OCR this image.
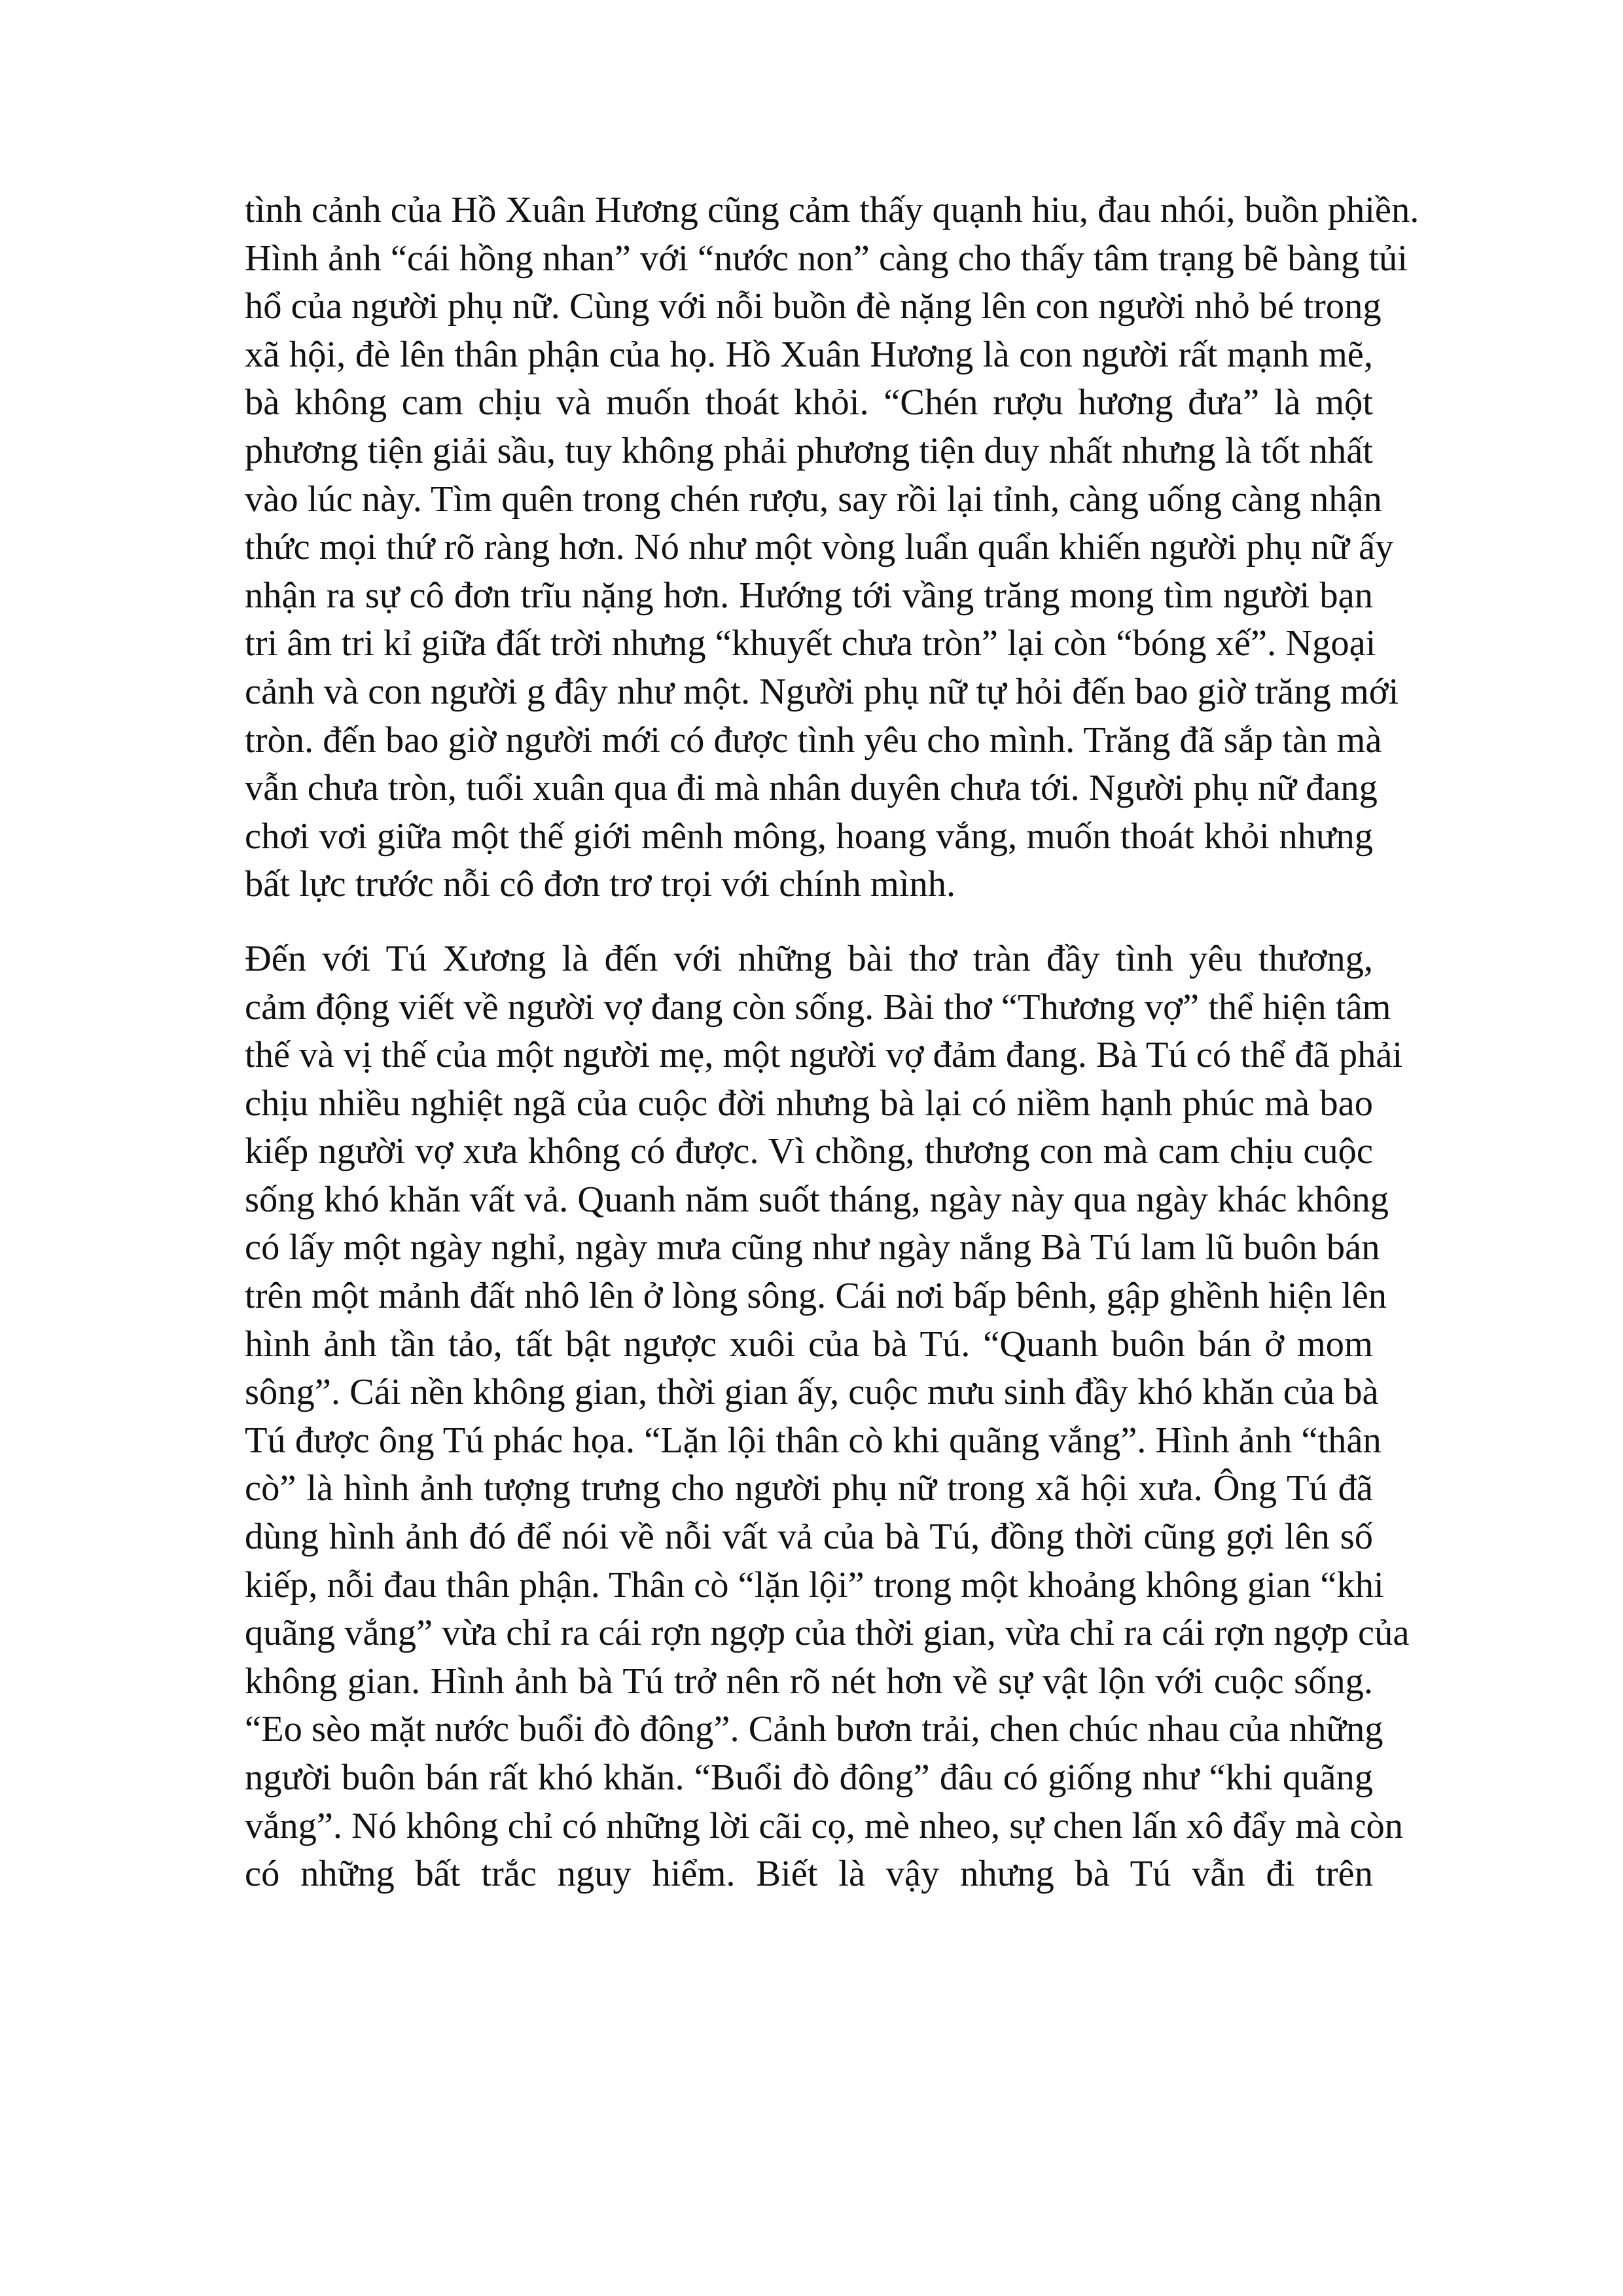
tình cảnh của Hồ Xuân Hương cũng cảm thấy quạnh hiu, đau nhói, buồn phiền.
Hình ảnh “cái hồng nhan” với “nước non” càng cho thấy tâm trạng bẽ bàng tủi
hổ của người phụ nữ. Cùng với nỗi buồn đè nặng lên con người nhỏ bé trong
xã hội, đè lên thân phận của họ. Hồ Xuân Hương là con người rất mạnh mẽ,
bà không cam chịu và muốn thoát khỏi. “Chén rượu hương đưa” là một
phương tiện giải sầu, tuy không phải phương tiện duy nhất nhưng là tốt nhất
vào lúc này. Tìm quên trong chén rượu, say rồi lại tỉnh, càng uống càng nhận
thức mọi thứ rõ ràng hơn. Nó như một vòng luẩn quẩn khiến người phụ nữ ấy
nhận ra sự cô đơn trĩu nặng hơn. Hướng tới vầng trăng mong tìm người bạn
tri âm tri kỉ giữa đất trời nhưng “khuyết chưa tròn” lại còn “bóng xế”. Ngoại
cảnh và con người g đây như một. Người phụ nữ tự hỏi đến bao giờ trăng mới
tròn. đến bao giờ người mới có được tình yêu cho mình. Trăng đã sắp tàn mà
vẫn chưa tròn, tuổi xuân qua đi mà nhân duyên chưa tới. Người phụ nữ đang
chơi vơi giữa một thế giới mênh mông, hoang vắng, muốn thoát khỏi nhưng
bất lực trước nỗi cô đơn trơ trọi với chính mình.
Đến với Tú Xương là đến với những bài thơ tràn đầy tình yêu thương,
cảm động viết về người vợ đang còn sống. Bài thơ “Thương vợ” thể hiện tâm
thế và vị thế của một người mẹ, một người vợ đảm đang. Bà Tú có thể đã phải
chịu nhiều nghiệt ngã của cuộc đời nhưng bà lại có niềm hạnh phúc mà bao
kiếp người vợ xưa không có được. Vì chồng, thương con mà cam chịu cuộc
sống khó khăn vất vả. Quanh năm suốt tháng, ngày này qua ngày khác không
có lấy một ngày nghỉ, ngày mưa cũng như ngày nắng Bà Tú lam lũ buôn bán
trên một mảnh đất nhô lên ở lòng sông. Cái nơi bấp bênh, gập ghềnh hiện lên
hình ảnh tần tảo, tất bật ngược xuôi của bà Tú. “Quanh buôn bán ở mom
sông”. Cái nền không gian, thời gian ấy, cuộc mưu sinh đầy khó khăn của bà
Tú được ông Tú phác họa. “Lặn lội thân cò khi quãng vắng”. Hình ảnh “thân
cò” là hình ảnh tượng trưng cho người phụ nữ trong xã hội xưa. Ông Tú đã
dùng hình ảnh đó để nói về nỗi vất vả của bà Tú, đồng thời cũng gợi lên số
kiếp, nỗi đau thân phận. Thân cò “lặn lội” trong một khoảng không gian “khi
quãng vắng” vừa chỉ ra cái rợn ngợp của thời gian, vừa chỉ ra cái rợn ngợp của
không gian. Hình ảnh bà Tú trở nên rõ nét hơn về sự vật lộn với cuộc sống.
“Eo sèo mặt nước buổi đò đông”. Cảnh bươn trải, chen chúc nhau của những
người buôn bán rất khó khăn. “Buổi đò đông” đâu có giống như “khi quãng
vắng”. Nó không chỉ có những lời cãi cọ, mè nheo, sự chen lấn xô đẩy mà còn
có những bất trắc nguy hiểm. Biết là vậy nhưng bà Tú vẫn đi trên
